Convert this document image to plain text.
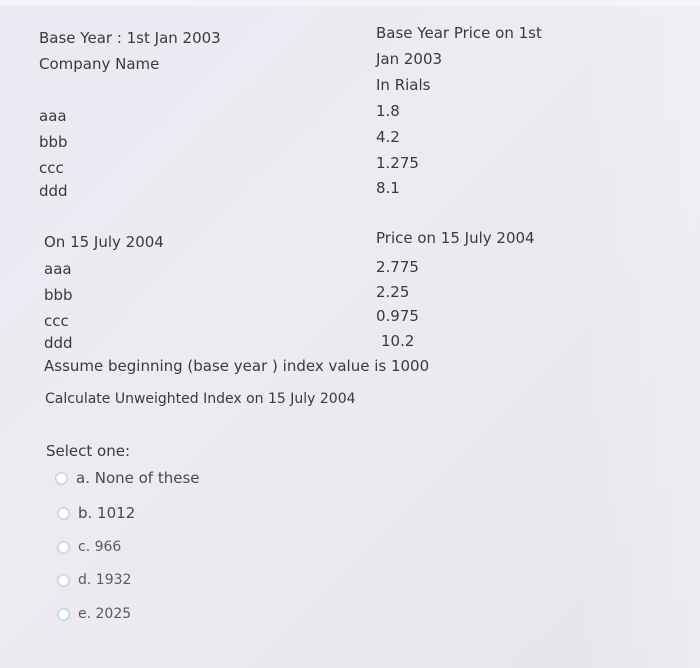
Base Year : 1st Jan 2003
Company Name
Base Year Price on 1st
Jan 2003
In Rials
aaa
bbb
ccc
ddd
1.8
4.2
1.275
8.1
On 15 July 2004	Price on 15 July 2004
aaa
bbb
ccc
ddd
2.775
2.25
0.975
10.2
Assume beginning (base year ) index value is 1000
Calculate Unweighted Index on 15 July 2004
Select one:
a. None of these
b. 1012
c. 966
d. 1932
e. 2025
